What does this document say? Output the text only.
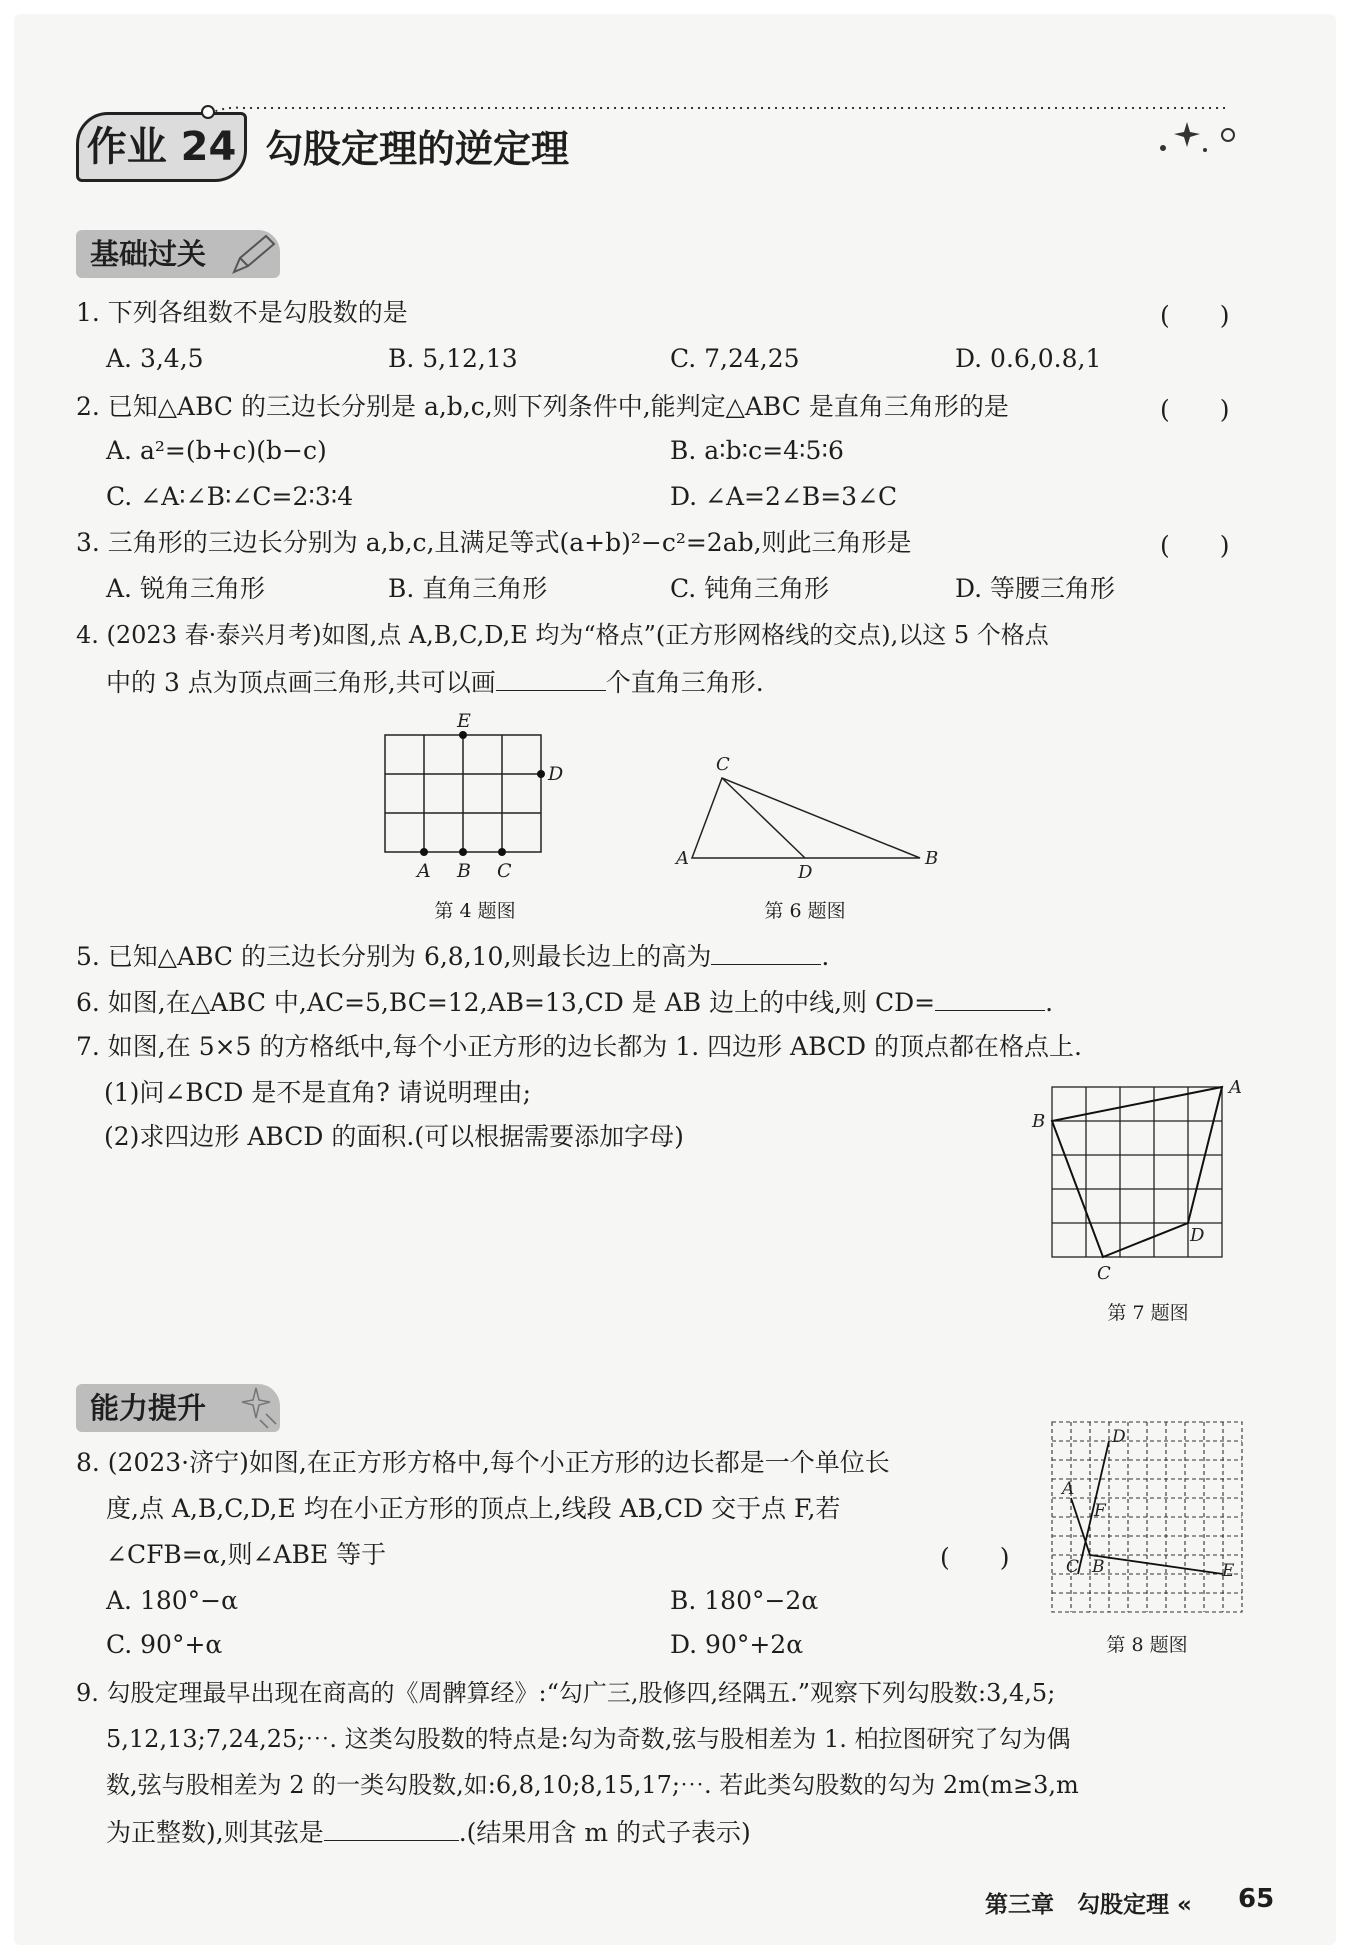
作业 24 勾股定理的逆定理
基础过关
1. 下列各组数不是勾股数的是	(　　)
A. 3,4,5	B. 5,12,13	C. 7,24,25	D. 0.6,0.8,1
2. 已知△ABC 的三边长分别是 a,b,c,则下列条件中,能判定△ABC 是直角三角形的是	(　　)
A. a²=(b+c)(b−c)	B. a∶b∶c=4∶5∶6
C. ∠A∶∠B∶∠C=2∶3∶4	D. ∠A=2∠B=3∠C
3. 三角形的三边长分别为 a,b,c,且满足等式(a+b)²−c²=2ab,则此三角形是	(　　)
A. 锐角三角形	B. 直角三角形	C. 钝角三角形	D. 等腰三角形
4. (2023 春·泰兴月考)如图,点 A,B,C,D,E 均为“格点”(正方形网格线的交点),以这 5 个格点
中的 3 点为顶点画三角形,共可以画	个直角三角形.
A B C
D
E
第 4 题图
A	B
C
D
第 6 题图
5. 已知△ABC 的三边长分别为 6,8,10,则最长边上的高为	.
6. 如图,在△ABC 中,AC=5,BC=12,AB=13,CD 是 AB 边上的中线,则 CD=	.
7. 如图,在 5×5 的方格纸中,每个小正方形的边长都为 1. 四边形 ABCD 的顶点都在格点上.
(1)问∠BCD 是不是直角? 请说明理由;
(2)求四边形 ABCD 的面积.(可以根据需要添加字母)
A
B
C
D
第 7 题图
能力提升
8. (2023·济宁)如图,在正方形方格中,每个小正方形的边长都是一个单位长
度,点 A,B,C,D,E 均在小正方形的顶点上,线段 AB,CD 交于点 F,若
∠CFB=α,则∠ABE 等于	(　　)
A. 180°−α	B. 180°−2α
C. 90°+α	D. 90°+2α
A
B
C
D
E
F
第 8 题图
9. 勾股定理最早出现在商高的《周髀算经》:“勾广三,股修四,经隅五.”观察下列勾股数:3,4,5;
5,12,13;7,24,25;⋯. 这类勾股数的特点是:勾为奇数,弦与股相差为 1. 柏拉图研究了勾为偶
数,弦与股相差为 2 的一类勾股数,如:6,8,10;8,15,17;⋯. 若此类勾股数的勾为 2m(m≥3,m
为正整数),则其弦是	.(结果用含 m 的式子表示)
第三章　勾股定理 « 65
